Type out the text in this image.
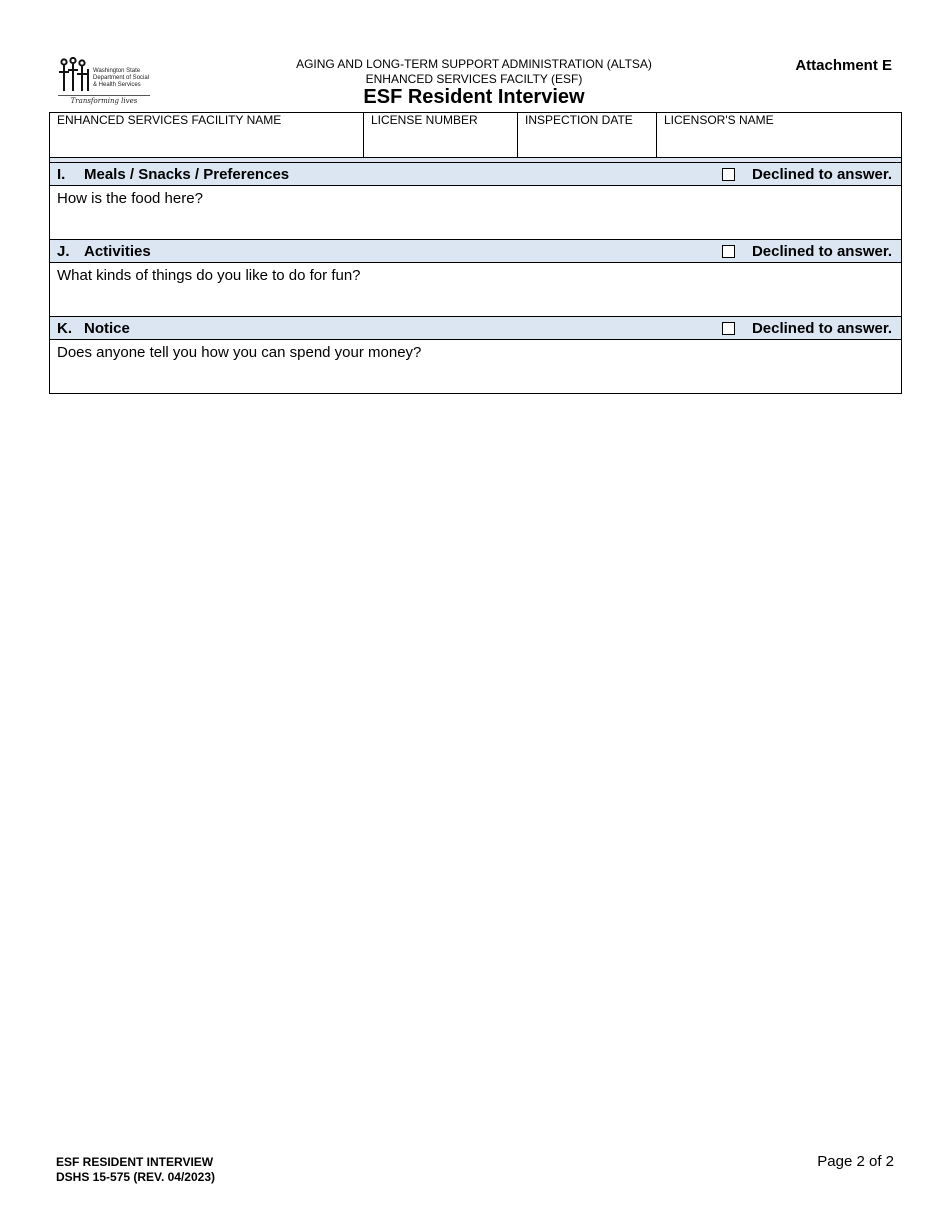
Washington State
Department of Social
& Health Services
Transforming lives
AGING AND LONG-TERM SUPPORT ADMINISTRATION (ALTSA)
ENHANCED SERVICES FACILTY (ESF)
ESF Resident Interview
Attachment E
ENHANCED SERVICES FACILITY NAME	LICENSE NUMBER	INSPECTION DATE	LICENSOR'S NAME
I. Meals / Snacks / Preferences	Declined to answer.
How is the food here?
J. Activities	Declined to answer.
What kinds of things do you like to do for fun?
K. Notice	Declined to answer.
Does anyone tell you how you can spend your money?
ESF RESIDENT INTERVIEW
DSHS 15-575 (REV. 04/2023)
Page 2 of 2
